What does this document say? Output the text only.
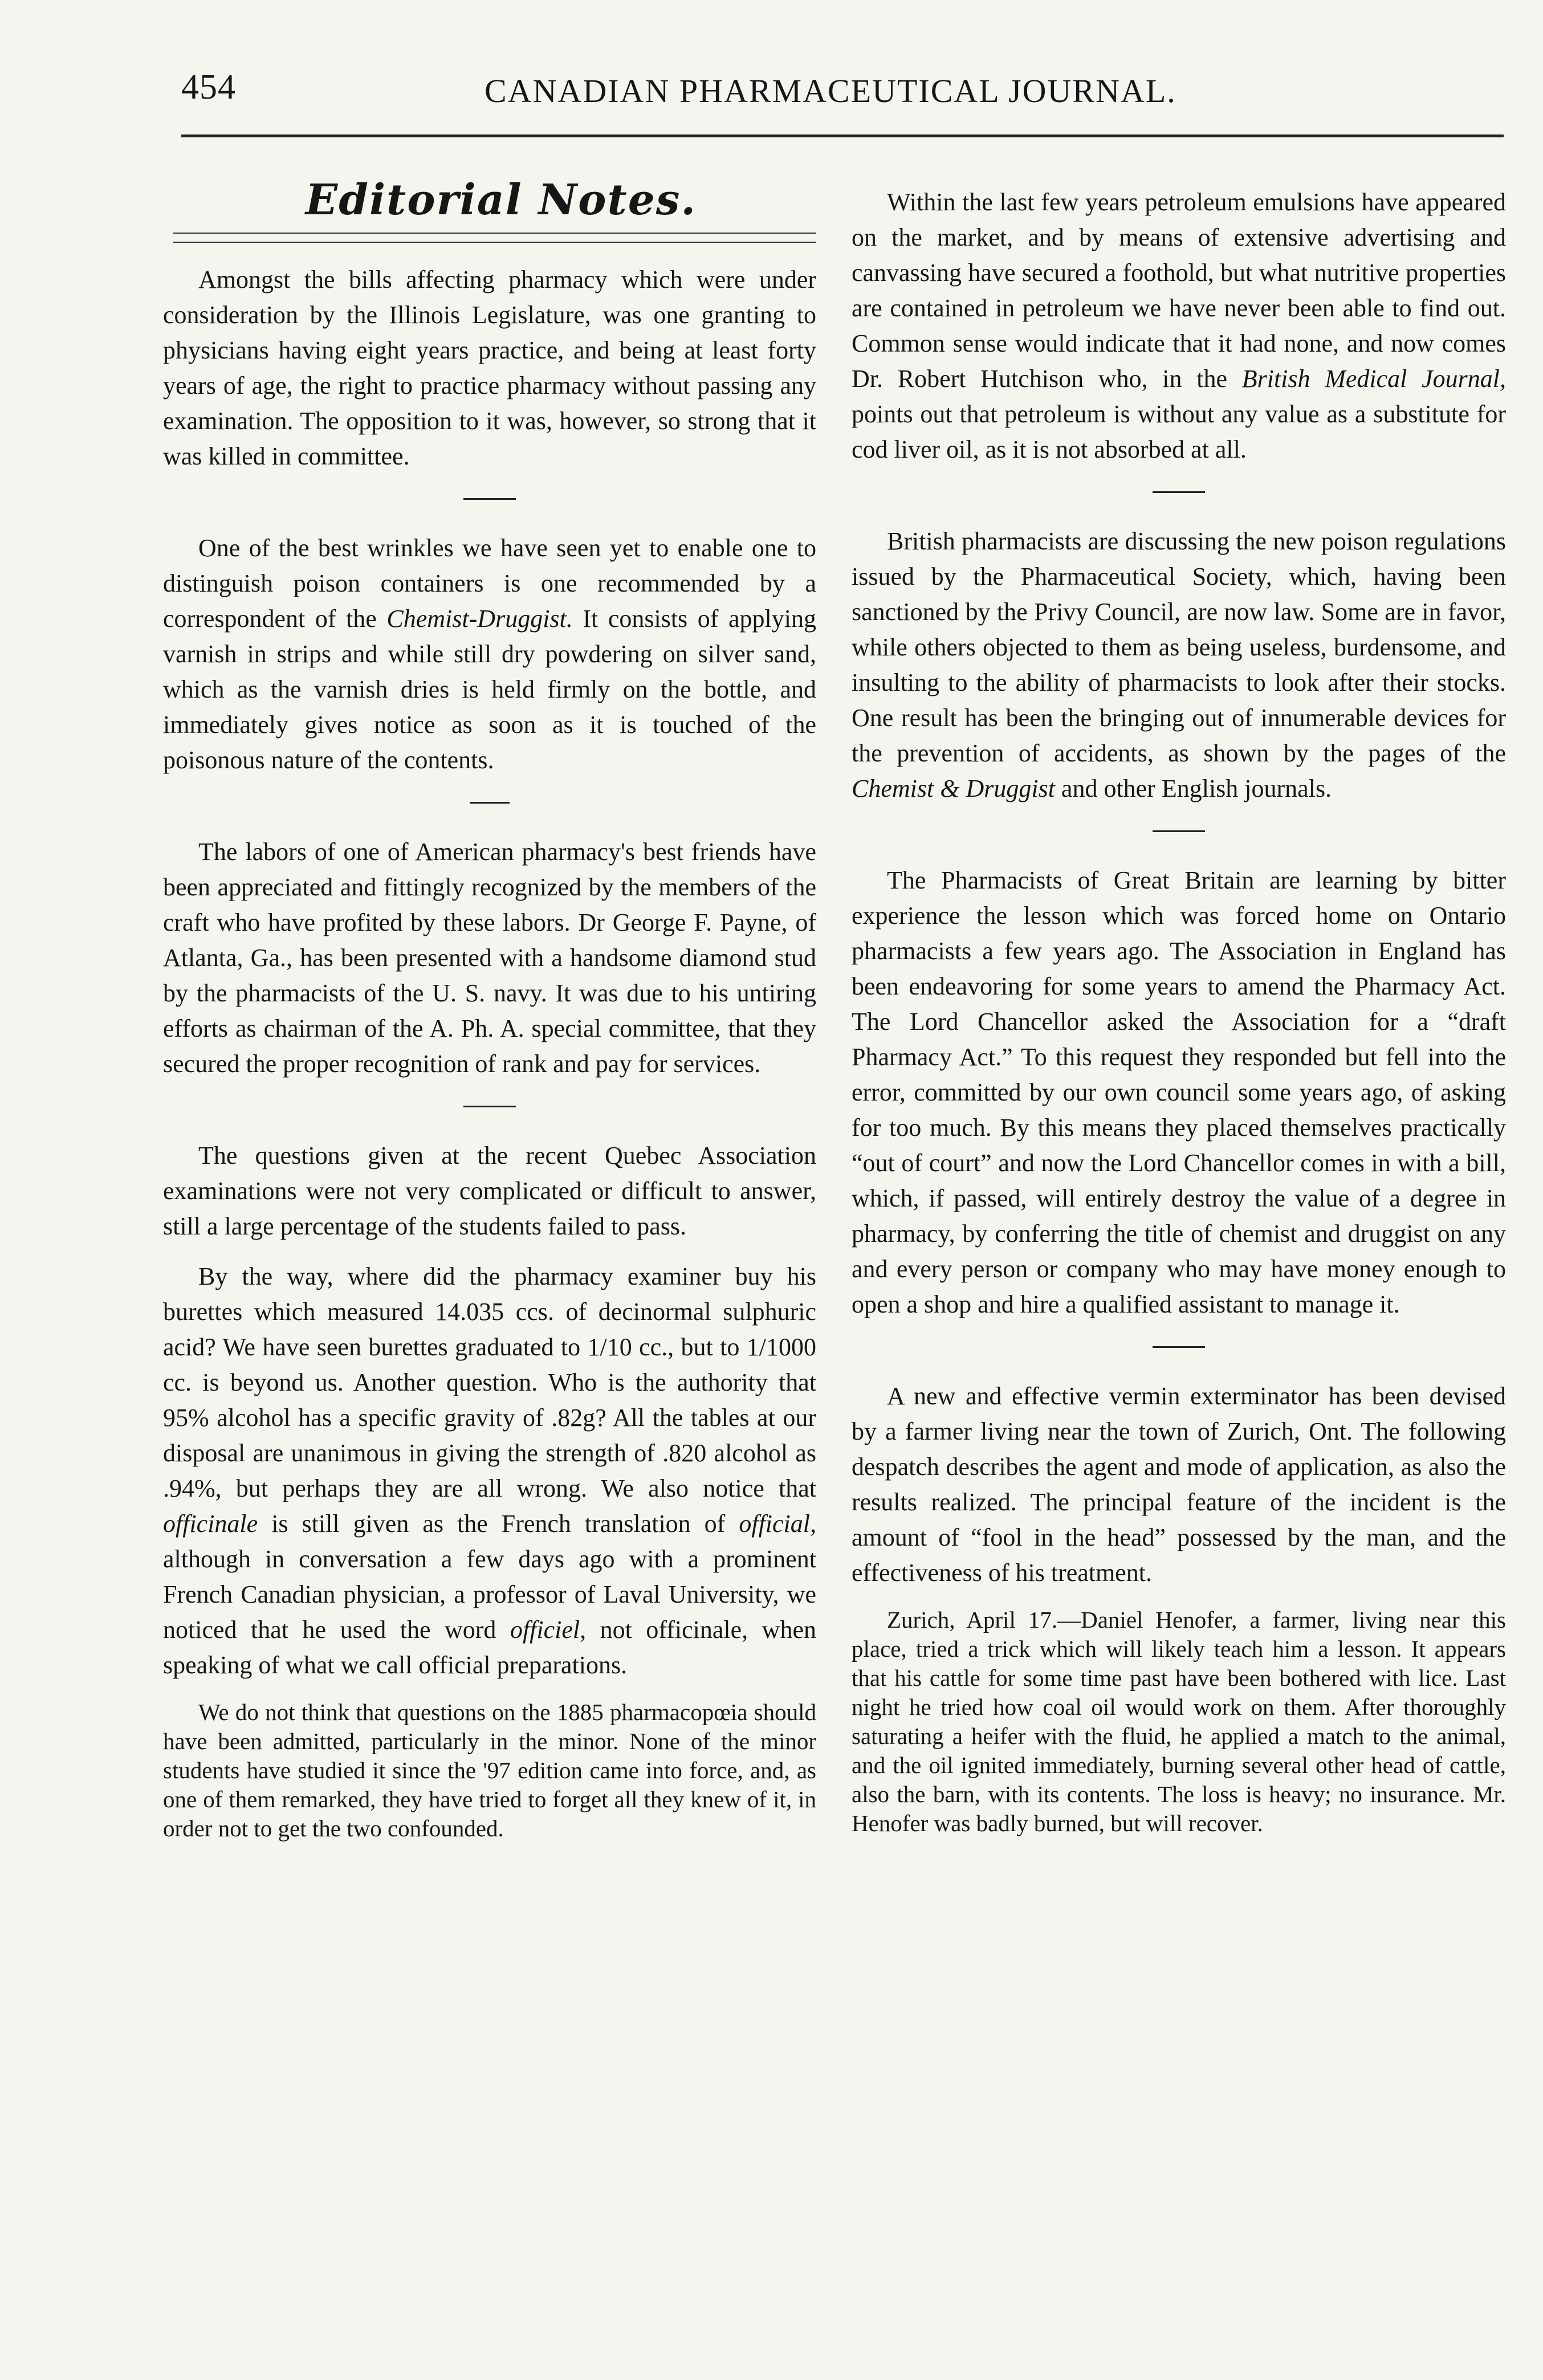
454	CANADIAN PHARMACEUTICAL JOURNAL.
Editorial Notes.

Amongst the bills affecting pharmacy which were under consideration by the Illinois Legislature, was one granting to physicians having eight years practice, and being at least forty years of age, the right to practice pharmacy without passing any examination. The opposition to it was, however, so strong that it was killed in committee.

One of the best wrinkles we have seen yet to enable one to distinguish poison containers is one recommended by a correspondent of the Chemist-Druggist. It consists of applying varnish in strips and while still dry powdering on silver sand, which as the varnish dries is held firmly on the bottle, and immediately gives notice as soon as it is touched of the poisonous nature of the contents.

The labors of one of American pharmacy's best friends have been appreciated and fittingly recognized by the members of the craft who have profited by these labors. Dr George F. Payne, of Atlanta, Ga., has been presented with a handsome diamond stud by the pharmacists of the U. S. navy. It was due to his untiring efforts as chairman of the A. Ph. A. special committee, that they secured the proper recognition of rank and pay for services.

The questions given at the recent Quebec Association examinations were not very complicated or difficult to answer, still a large percentage of the students failed to pass.

By the way, where did the pharmacy examiner buy his burettes which measured 14.035 ccs. of decinormal sulphuric acid? We have seen burettes graduated to 1/10 cc., but to 1/1000 cc. is beyond us. Another question. Who is the authority that 95% alcohol has a specific gravity of .82g? All the tables at our disposal are unanimous in giving the strength of .820 alcohol as .94%, but perhaps they are all wrong. We also notice that officinale is still given as the French translation of official, although in conversation a few days ago with a prominent French Canadian physician, a professor of Laval University, we noticed that he used the word officiel, not officinale, when speaking of what we call official preparations.

We do not think that questions on the 1885 pharmacopœia should have been admitted, particularly in the minor. None of the minor students have studied it since the '97 edition came into force, and, as one of them remarked, they have tried to forget all they knew of it, in order not to get the two confounded.

Within the last few years petroleum emulsions have appeared on the market, and by means of extensive advertising and canvassing have secured a foothold, but what nutritive properties are contained in petroleum we have never been able to find out. Common sense would indicate that it had none, and now comes Dr. Robert Hutchison who, in the British Medical Journal, points out that petroleum is without any value as a substitute for cod liver oil, as it is not absorbed at all.

British pharmacists are discussing the new poison regulations issued by the Pharmaceutical Society, which, having been sanctioned by the Privy Council, are now law. Some are in favor, while others objected to them as being useless, burdensome, and insulting to the ability of pharmacists to look after their stocks. One result has been the bringing out of innumerable devices for the prevention of accidents, as shown by the pages of the Chemist & Druggist and other English journals.

The Pharmacists of Great Britain are learning by bitter experience the lesson which was forced home on Ontario pharmacists a few years ago. The Association in England has been endeavoring for some years to amend the Pharmacy Act. The Lord Chancellor asked the Association for a “draft Pharmacy Act.” To this request they responded but fell into the error, committed by our own council some years ago, of asking for too much. By this means they placed themselves practically “out of court” and now the Lord Chancellor comes in with a bill, which, if passed, will entirely destroy the value of a degree in pharmacy, by conferring the title of chemist and druggist on any and every person or company who may have money enough to open a shop and hire a qualified assistant to manage it.

A new and effective vermin exterminator has been devised by a farmer living near the town of Zurich, Ont. The following despatch describes the agent and mode of application, as also the results realized. The principal feature of the incident is the amount of “fool in the head” possessed by the man, and the effectiveness of his treatment.

Zurich, April 17.—Daniel Henofer, a farmer, living near this place, tried a trick which will likely teach him a lesson. It appears that his cattle for some time past have been bothered with lice. Last night he tried how coal oil would work on them. After thoroughly saturating a heifer with the fluid, he applied a match to the animal, and the oil ignited immediately, burning several other head of cattle, also the barn, with its contents. The loss is heavy; no insurance. Mr. Henofer was badly burned, but will recover.
